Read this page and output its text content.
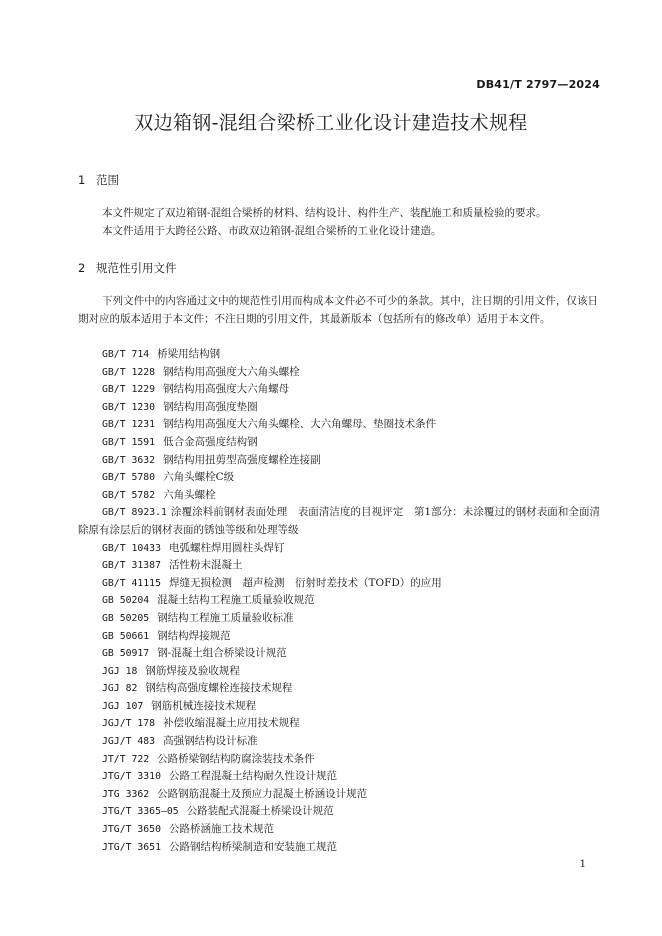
DB41/T 2797—2024
双边箱钢-混组合梁桥工业化设计建造技术规程
1 范围

本文件规定了双边箱钢-混组合梁桥的材料、结构设计、构件生产、装配施工和质量检验的要求。

本文件适用于大跨径公路、市政双边箱钢-混组合梁桥的工业化设计建造。

2 规范性引用文件

下列文件中的内容通过文中的规范性引用而构成本文件必不可少的条款。其中，注日期的引用文件，仅该日期对应的版本适用于本文件；不注日期的引用文件，其最新版本（包括所有的修改单）适用于本文件。

GB/T 714 桥梁用结构钢
GB/T 1228 钢结构用高强度大六角头螺栓
GB/T 1229 钢结构用高强度大六角螺母
GB/T 1230 钢结构用高强度垫圈
GB/T 1231 钢结构用高强度大六角头螺栓、大六角螺母、垫圈技术条件
GB/T 1591 低合金高强度结构钢
GB/T 3632 钢结构用扭剪型高强度螺栓连接副
GB/T 5780 六角头螺栓C级
GB/T 5782 六角头螺栓
GB/T 8923.1 涂覆涂料前钢材表面处理　表面清洁度的目视评定　第1部分：未涂覆过的钢材表面和全面清除原有涂层后的钢材表面的锈蚀等级和处理等级
GB/T 10433 电弧螺柱焊用圆柱头焊钉
GB/T 31387 活性粉末混凝土
GB/T 41115 焊缝无损检测　超声检测　衍射时差技术（TOFD）的应用
GB 50204 混凝土结构工程施工质量验收规范
GB 50205 钢结构工程施工质量验收标准
GB 50661 钢结构焊接规范
GB 50917 钢-混凝土组合桥梁设计规范
JGJ 18 钢筋焊接及验收规程
JGJ 82 钢结构高强度螺栓连接技术规程
JGJ 107 钢筋机械连接技术规程
JGJ/T 178 补偿收缩混凝土应用技术规程
JGJ/T 483 高强钢结构设计标准
JT/T 722 公路桥梁钢结构防腐涂装技术条件
JTG/T 3310 公路工程混凝土结构耐久性设计规范
JTG 3362 公路钢筋混凝土及预应力混凝土桥涵设计规范
JTG/T 3365—05 公路装配式混凝土桥梁设计规范
JTG/T 3650 公路桥涵施工技术规范
JTG/T 3651 公路钢结构桥梁制造和安装施工规范
1
